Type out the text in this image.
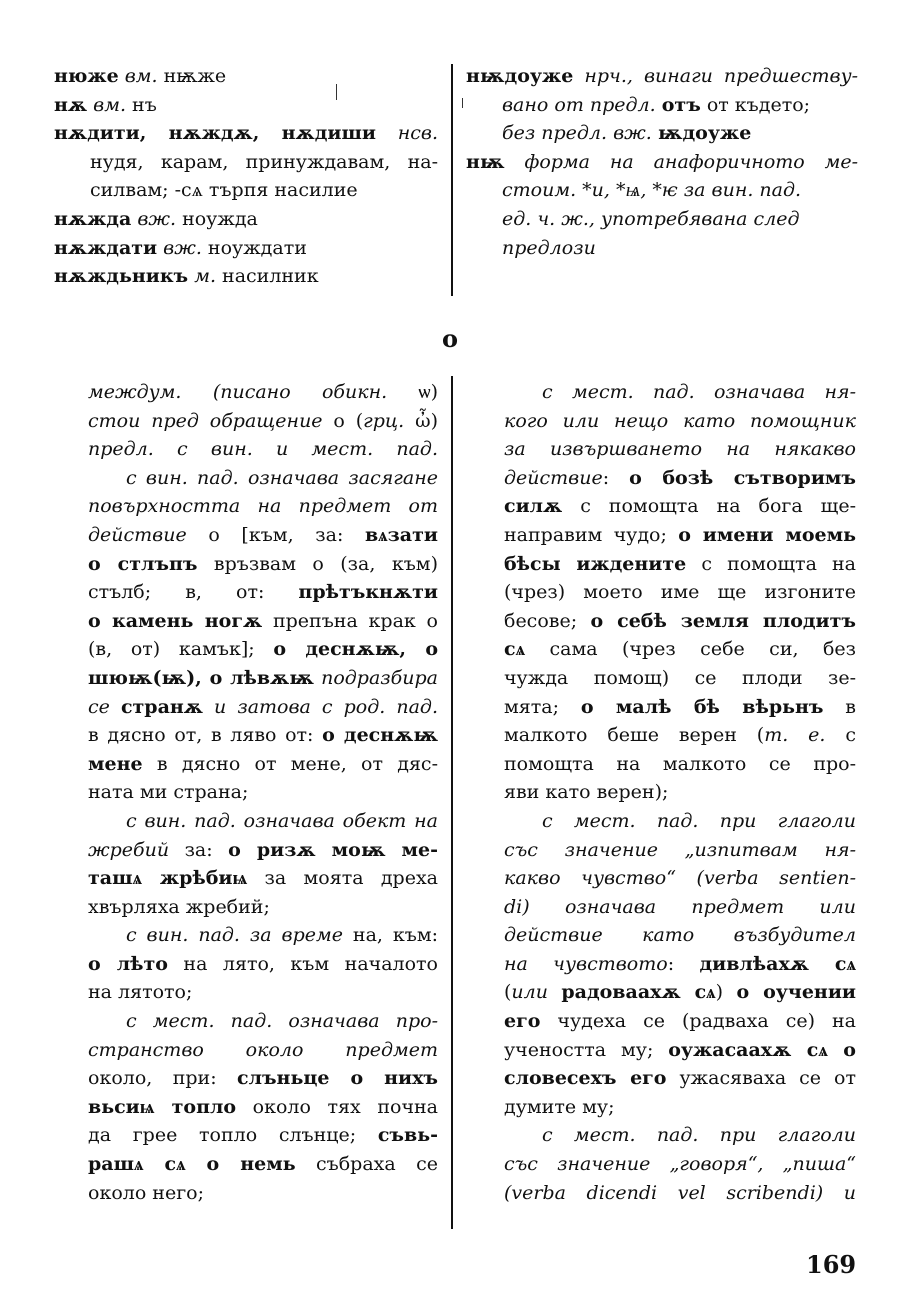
нюже вм. нѭже
нѫ вм. нъ
нѫдити, нѫждѫ, нѫдиши нсв.
нудя, карам, принуждавам, на-
силвам; -сѧ търпя насилие
нѫжда вж. ноужда
нѫждати вж. ноуждати
нѫждьникъ м. насилник
нѭдоуже нрч., винаги предшеству-
вано от предл. отъ от където;
без предл. вж. ѭдоуже
нѭ форма на анафоричното ме-
стоим. *и, *ѩ, *ѥ за вин. пад.
ед. ч. ж., употребявана след
предлози
о
междум. (писано обикн. ѡ)
стои пред обращение о (грц. ὦ)
предл. с вин. и мест. пад.
с вин. пад. означава засягане
повърхността на предмет от
действие о [към, за: вѧзати
о стлъпъ връзвам о (за, към)
стълб; в, от: прѣтъкнѫти
о камень ногѫ препъна крак о
(в, от) камък]; о деснѫѭ, о
шюѭ(ѭ), о лѣвѫѭ подразбира
се странѫ и затова с род. пад.
в дясно от, в ляво от: о деснѫѭ
мене в дясно от мене, от дяс-
ната ми страна;
с вин. пад. означава обект на
жребий за: о ризѫ моѭ ме-
ташѧ жрѣбиѩ за моята дреха
хвърляха жребий;
с вин. пад. за време на, към:
о лѣто на лято, към началото
на лятото;
с мест. пад. означава про-
странство около предмет
около, при: слъньце о нихъ
вьсиѩ топло около тях почна
да грее топло слънце; съвь-
рашѧ сѧ о немь събраха се
около него;
с мест. пад. означава ня-
кого или нещо като помощник
за извършването на някакво
действие: о бозѣ сътворимъ
силѫ с помощта на бога ще-
направим чудо; о имени моемь
бѣсы иждените с помощта на
(чрез) моето име ще изгоните
бесове; о себѣ земля плодитъ
сѧ сама (чрез себе си, без
чужда помощ) се плоди зе-
мята; о малѣ бѣ вѣрьнъ в
малкото беше верен (т. е. с
помощта на малкото се про-
яви като верен);
с мест. пад. при глаголи
със значение „изпитвам ня-
какво чувство“ (verba sentien-
di) означава предмет или
действие като възбудител
на чувството: дивлѣахѫ сѧ
(или радоваахѫ сѧ) о оучении
его чудеха се (радваха се) на
учеността му; оужасаахѫ сѧ о
словесехъ его ужасяваха се от
думите му;
с мест. пад. при глаголи
със значение „говоря“, „пиша“
(verba dicendi vel scribendi) и
169
